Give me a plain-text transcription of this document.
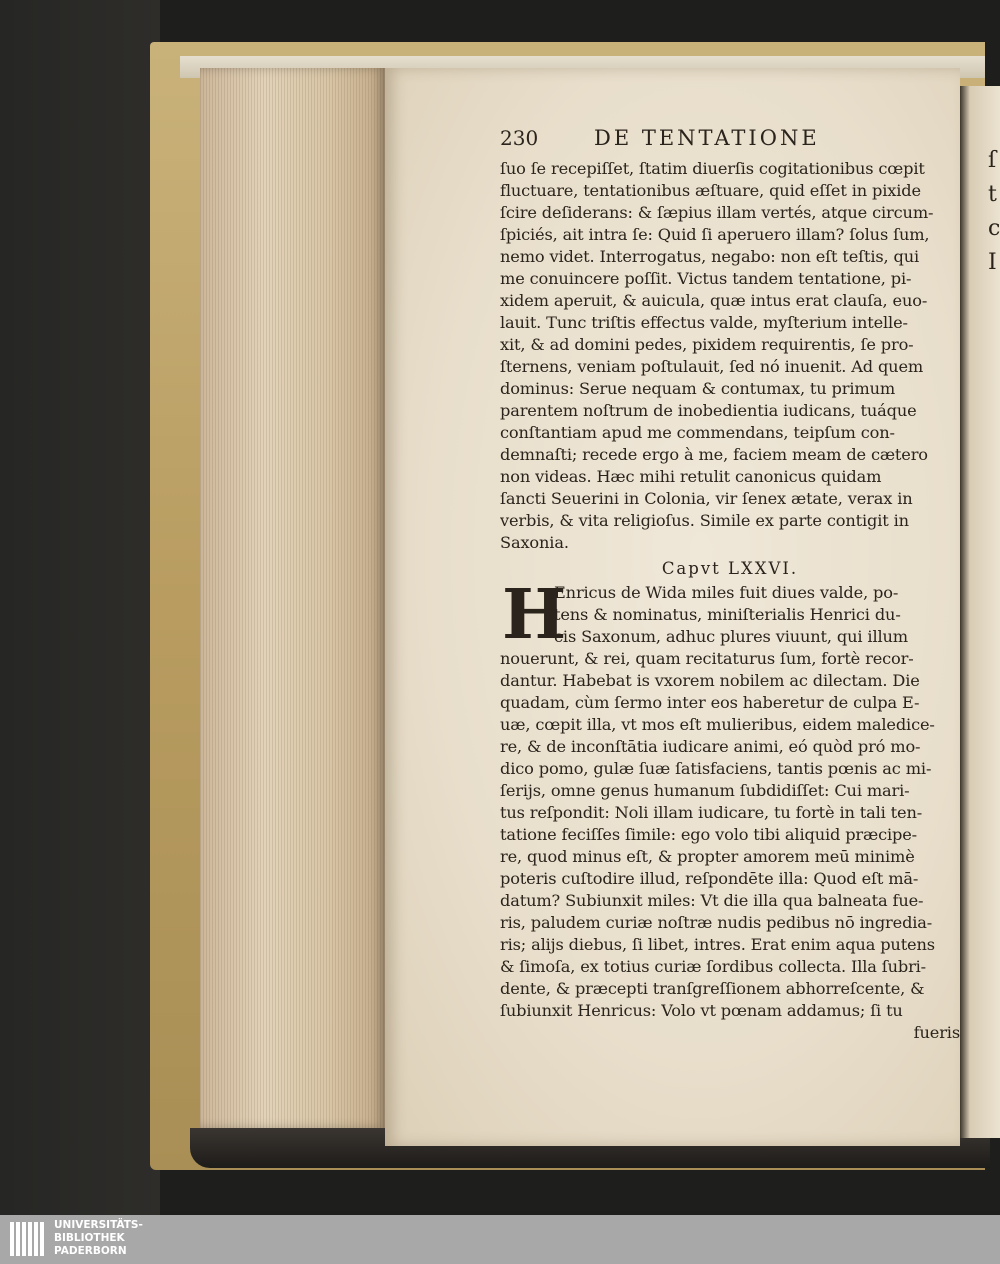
ſ t c I
230	DE TENTATIONE
ſuo ſe recepiſſet, ſtatim diuerſis cogitationibus cœpit
fluctuare, tentationibus æſtuare, quid eſſet in pixide
ſcire deſiderans: & ſæpius illam vertés, atque circum-
ſpiciés, ait intra ſe: Quid ſi aperuero illam? ſolus ſum,
nemo videt. Interrogatus, negabo: non eſt teſtis, qui
me conuincere poſſit. Victus tandem tentatione, pi-
xidem aperuit, & auicula, quæ intus erat clauſa, euo-
lauit. Tunc triſtis effectus valde, myſterium intelle-
xit, & ad domini pedes, pixidem requirentis, ſe pro-
ſternens, veniam poſtulauit, ſed nó inuenit. Ad quem
dominus: Serue nequam & contumax, tu primum
parentem noſtrum de inobedientia iudicans, tuáque
conſtantiam apud me commendans, teipſum con-
demnaſti; recede ergo à me, faciem meam de cætero
non videas. Hæc mihi retulit canonicus quidam
ſancti Seuerini in Colonia, vir ſenex ætate, verax in
verbis, & vita religioſus. Simile ex parte contigit in
Saxonia.
Capvt LXXVI.
H
Enricus de Wida miles fuit diues valde, po-
tens & nominatus, miniſterialis Henrici du-
cis Saxonum, adhuc plures viuunt, qui illum
nouerunt, & rei, quam recitaturus ſum, fortè recor-
dantur. Habebat is vxorem nobilem ac dilectam. Die
quadam, cùm ſermo inter eos haberetur de culpa E-
uæ, cœpit illa, vt mos eſt mulieribus, eidem maledice-
re, & de inconſtātia iudicare animi, eó quòd pró mo-
dico pomo, gulæ ſuæ ſatisfaciens, tantis pœnis ac mi-
ſerijs, omne genus humanum ſubdidiſſet: Cui mari-
tus reſpondit: Noli illam iudicare, tu fortè in tali ten-
tatione feciſſes ſimile: ego volo tibi aliquid præcipe-
re, quod minus eſt, & propter amorem meū minimè
poteris cuſtodire illud, reſpondēte illa: Quod eſt mā-
datum? Subiunxit miles: Vt die illa qua balneata fue-
ris, paludem curiæ noſtræ nudis pedibus nō ingredia-
ris; alijs diebus, ſi libet, intres. Erat enim aqua putens
& ſimoſa, ex totius curiæ ſordibus collecta. Illa ſubri-
dente, & præcepti tranſgreſſionem abhorreſcente, &
ſubiunxit Henricus: Volo vt pœnam addamus; ſi tu
fueris
UNIVERSITÄTS-
BIBLIOTHEK
PADERBORN
